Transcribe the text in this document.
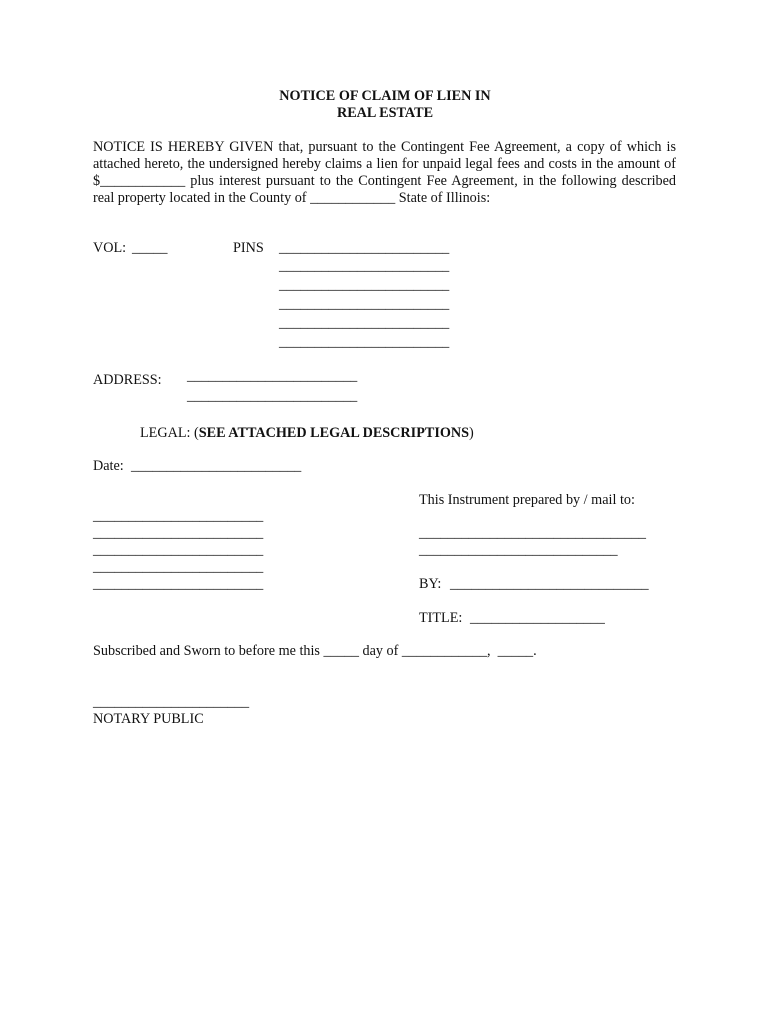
NOTICE OF CLAIM OF LIEN IN
REAL ESTATE
NOTICE IS HEREBY GIVEN that, pursuant to the Contingent Fee Agreement, a copy of which is attached hereto, the undersigned hereby claims a lien for unpaid legal fees and costs in the amount of $____________ plus interest pursuant to the Contingent Fee Agreement, in the following described real property located in the County of ____________ State of Illinois:
VOL: _____	PINS ________________________
________________________
________________________
________________________
________________________
________________________
ADDRESS: ________________________
________________________
LEGAL: (SEE ATTACHED LEGAL DESCRIPTIONS)
Date: ________________________
This Instrument prepared by / mail to:
________________________________
____________________________
BY: ____________________________
TITLE: ___________________
________________________
________________________
________________________
________________________
________________________
Subscribed and Sworn to before me this _____ day of ____________,  _____.
______________________
NOTARY PUBLIC
